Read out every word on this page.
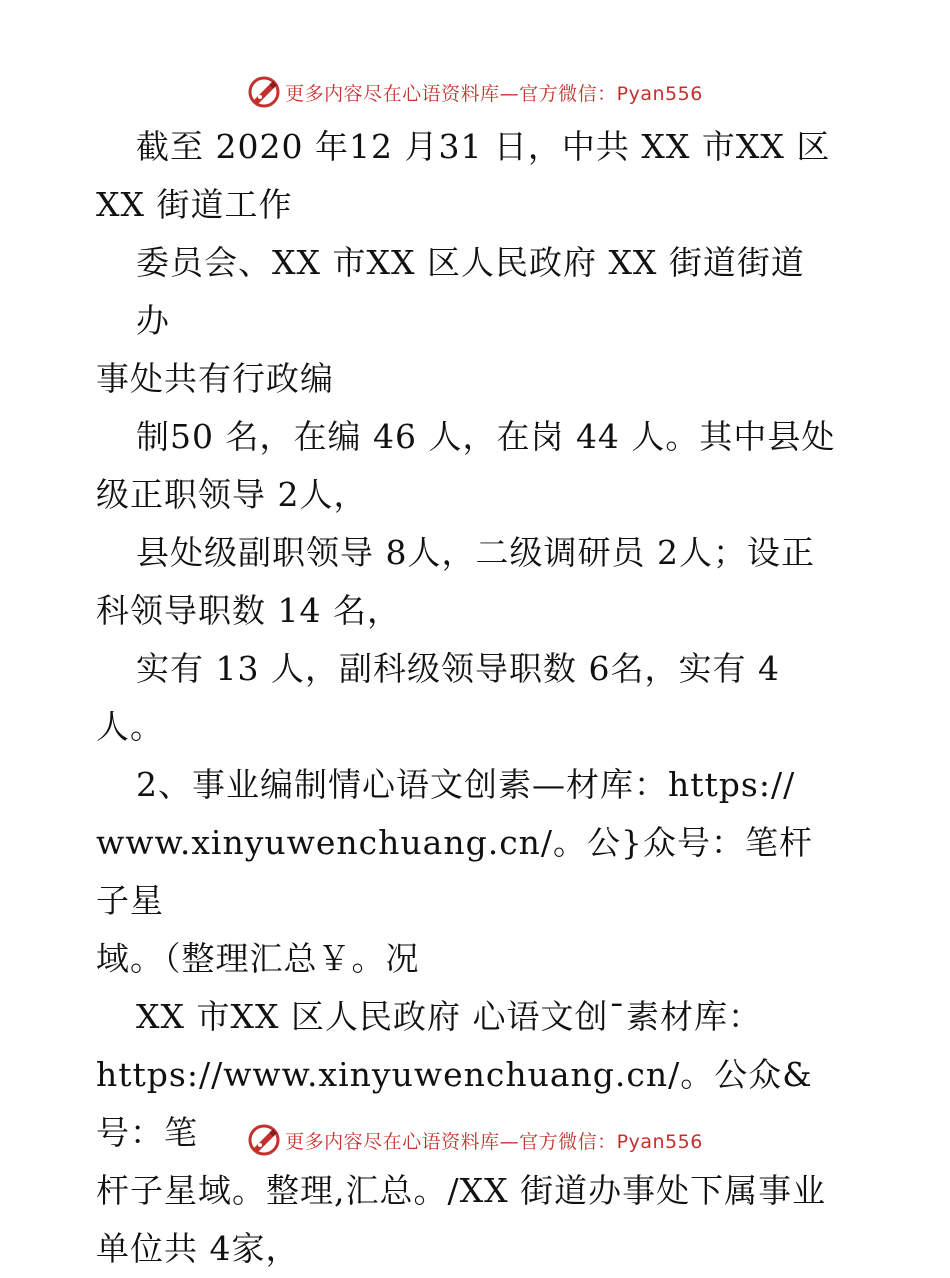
更多内容尽在心语资料库—官方微信：Pyan556

截至 2020 年12 月31 日，中共 XX 市XX 区
XX 街道工作

委员会、XX 市XX 区人民政府 XX 街道街道办
事处共有行政编

制50 名，在编 46 人，在岗 44 人。其中县处
级正职领导 2人，

县处级副职领导 8人，二级调研员 2人；设正
科领导职数 14 名，

实有 13 人，副科级领导职数 6名，实有 4
人。

2、事业编制情心语文创素—材库：https://
www.xinyuwenchuang.cn/。公}众号：笔杆子星
域。（整理汇总￥。况

XX 市XX 区人民政府 心语文创¯素材库：
https://www.xinyuwenchuang.cn/。公众&号：笔
杆子星域。整理,汇总。/XX 街道办事处下属事业
单位共 4家，

更多内容尽在心语资料库—官方微信：Pyan556
